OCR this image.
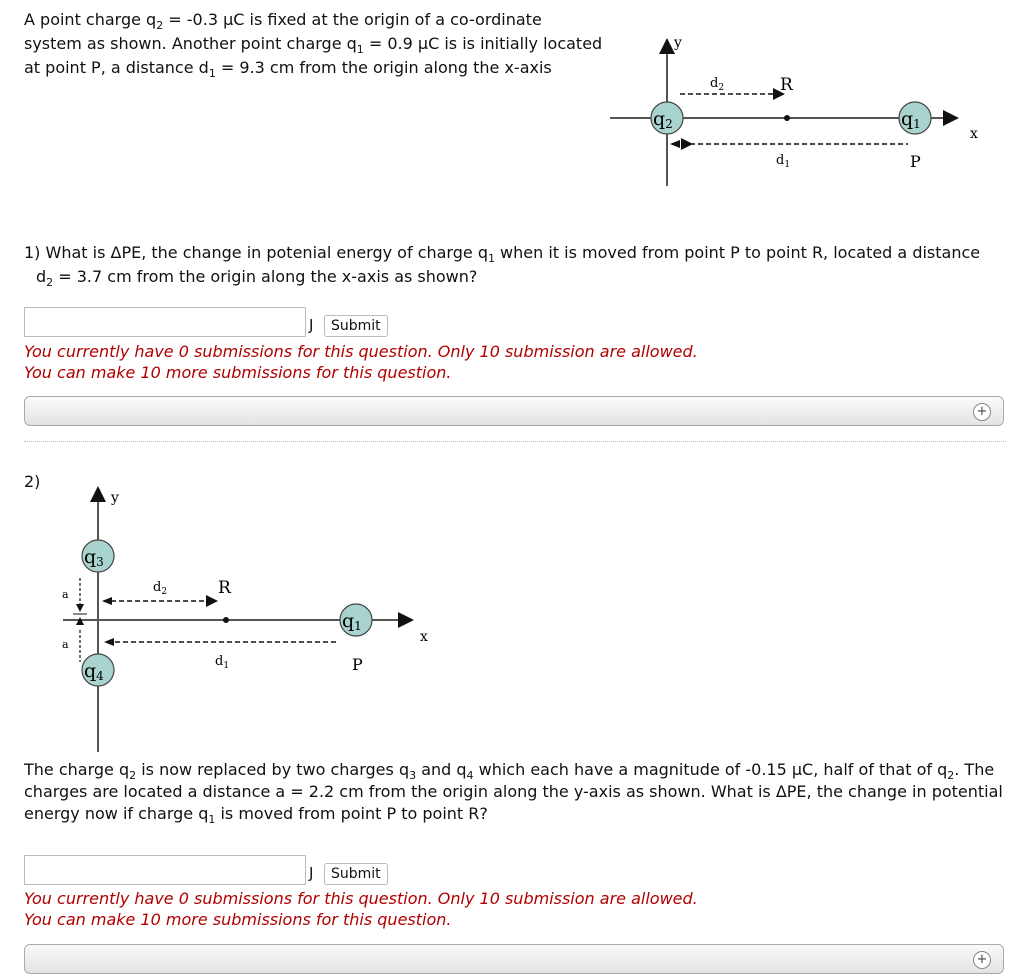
A point charge $q_2 = -0.3$ μC is fixed at the origin of a co-ordinate system as shown. Another point charge $q_1 = 0.9$ μC is is initially located at point P, a distance $d_1 = 9.3$ cm from the origin along the x-axis
y
x
$d_2$
$d_1$
R
q2	q1
P
1) What is ΔPE, the change in potenial energy of charge $q_1$ when it is moved from point P to point R, located a distance
$d_2 = 3.7$ cm from the origin along the x-axis as shown?
J	Submit
You currently have 0 submissions for this question. Only 10 submission are allowed.
You can make 10 more submissions for this question.
+
2)
y
x
a
a
$d_2$
$d_1$
R
q3
q4
q1
P
The charge $q_2$ is now replaced by two charges $q_3$ and $q_4$ which each have a magnitude of -0.15 μC, half of that of $q_2$. The charges are located a distance a = 2.2 cm from the origin along the y-axis as shown. What is ΔPE, the change in potential energy now if charge $q_1$ is moved from point P to point R?
J	Submit
You currently have 0 submissions for this question. Only 10 submission are allowed.
You can make 10 more submissions for this question.
+
